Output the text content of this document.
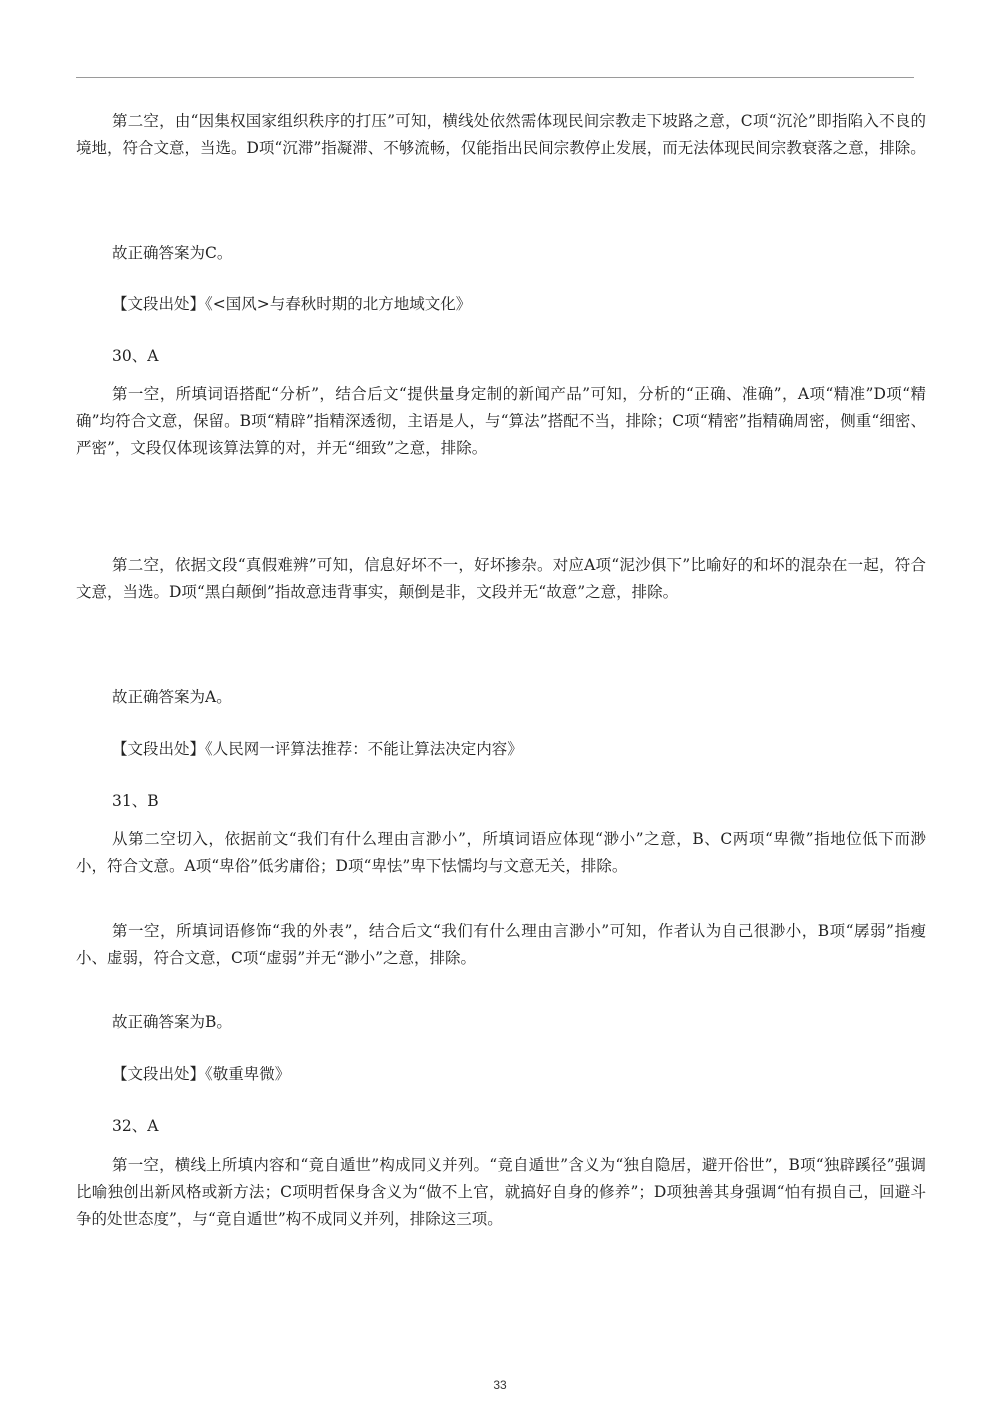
第二空，由“因集权国家组织秩序的打压”可知，横线处依然需体现民间宗教走下坡路之意，C项“沉沦”即指陷入不良的境地，符合文意，当选。D项“沉滞”指凝滞、不够流畅，仅能指出民间宗教停止发展，而无法体现民间宗教衰落之意，排除。

故正确答案为C。

【文段出处】《<国风>与春秋时期的北方地域文化》

30、A

第一空，所填词语搭配“分析”，结合后文“提供量身定制的新闻产品”可知，分析的“正确、准确”，A项“精准”D项“精确”均符合文意，保留。B项“精辟”指精深透彻，主语是人，与“算法”搭配不当，排除；C项“精密”指精确周密，侧重“细密、严密”，文段仅体现该算法算的对，并无“细致”之意，排除。

第二空，依据文段“真假难辨”可知，信息好坏不一，好坏掺杂。对应A项“泥沙俱下”比喻好的和坏的混杂在一起，符合文意，当选。D项“黑白颠倒”指故意违背事实，颠倒是非，文段并无“故意”之意，排除。

故正确答案为A。

【文段出处】《人民网一评算法推荐：不能让算法决定内容》

31、B

从第二空切入，依据前文“我们有什么理由言渺小”，所填词语应体现“渺小”之意，B、C两项“卑微”指地位低下而渺小，符合文意。A项“卑俗”低劣庸俗；D项“卑怯”卑下怯懦均与文意无关，排除。

第一空，所填词语修饰“我的外表”，结合后文“我们有什么理由言渺小”可知，作者认为自己很渺小，B项“孱弱”指瘦小、虚弱，符合文意，C项“虚弱”并无“渺小”之意，排除。

故正确答案为B。

【文段出处】《敬重卑微》

32、A

第一空，横线上所填内容和“竟自遁世”构成同义并列。“竟自遁世”含义为“独自隐居，避开俗世”，B项“独辟蹊径”强调比喻独创出新风格或新方法；C项明哲保身含义为“做不上官，就搞好自身的修养”；D项独善其身强调“怕有损自己，回避斗争的处世态度”，与“竟自遁世”构不成同义并列，排除这三项。

33
